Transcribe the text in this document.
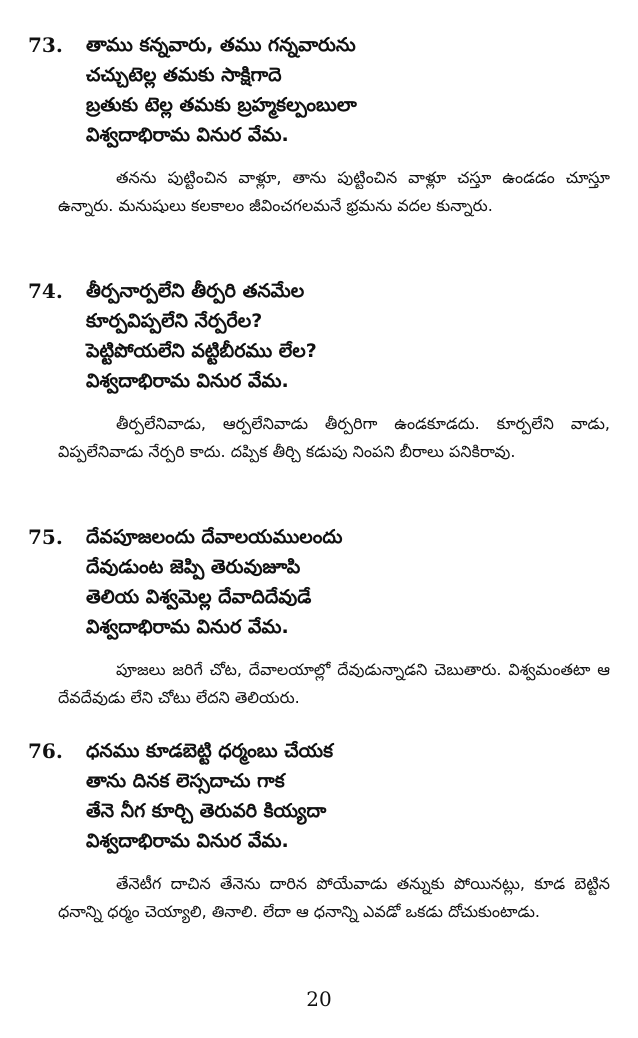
73. తాము కన్నవారు, తము గన్నవారును
చచ్చుటెల్ల తమకు సాక్షిగాదె
బ్రతుకు టెల్ల తమకు బ్రహ్మకల్పంబులా
విశ్వదాభిరామ వినుర వేమ.

తనను పుట్టించిన వాళ్లూ, తాను పుట్టించిన వాళ్లూ చస్తూ ఉండడం చూస్తూ ఉన్నారు. మనుషులు కలకాలం జీవించగలమనే భ్రమను వదల కున్నారు.

74. తీర్పనార్పలేని తీర్పరి తనమేల
కూర్పవిప్పలేని నేర్పరేల?
పెట్టిపోయలేని వట్టిబీరము లేల?
విశ్వదాభిరామ వినుర వేమ.

తీర్పలేనివాడు, ఆర్పలేనివాడు తీర్పరిగా ఉండకూడదు. కూర్పలేని వాడు, విప్పలేనివాడు నేర్పరి కాదు. దప్పిక తీర్చి కడుపు నింపని బీరాలు పనికిరావు.

75. దేవపూజలందు దేవాలయములందు
దేవుడుంట జెప్పి తెరువుజూపి
తెలియ విశ్వమెల్ల దేవాదిదేవుడే
విశ్వదాభిరామ వినుర వేమ.

పూజలు జరిగే చోట, దేవాలయాల్లో దేవుడున్నాడని చెబుతారు. విశ్వమంతటా ఆ దేవదేవుడు లేని చోటు లేదని తెలియరు.

76. ధనము కూడబెట్టి ధర్మంబు చేయక
తాను దినక లెస్సదాచు గాక
తేనె నీగ కూర్చి తెరువరి కియ్యదా
విశ్వదాభిరామ వినుర వేమ.

తేనెటీగ దాచిన తేనెను దారిన పోయేవాడు తన్నుకు పోయినట్లు, కూడ బెట్టిన ధనాన్ని ధర్మం చెయ్యాలి, తినాలి. లేదా ఆ ధనాన్ని ఎవడో ఒకడు దోచుకుంటాడు.

20
